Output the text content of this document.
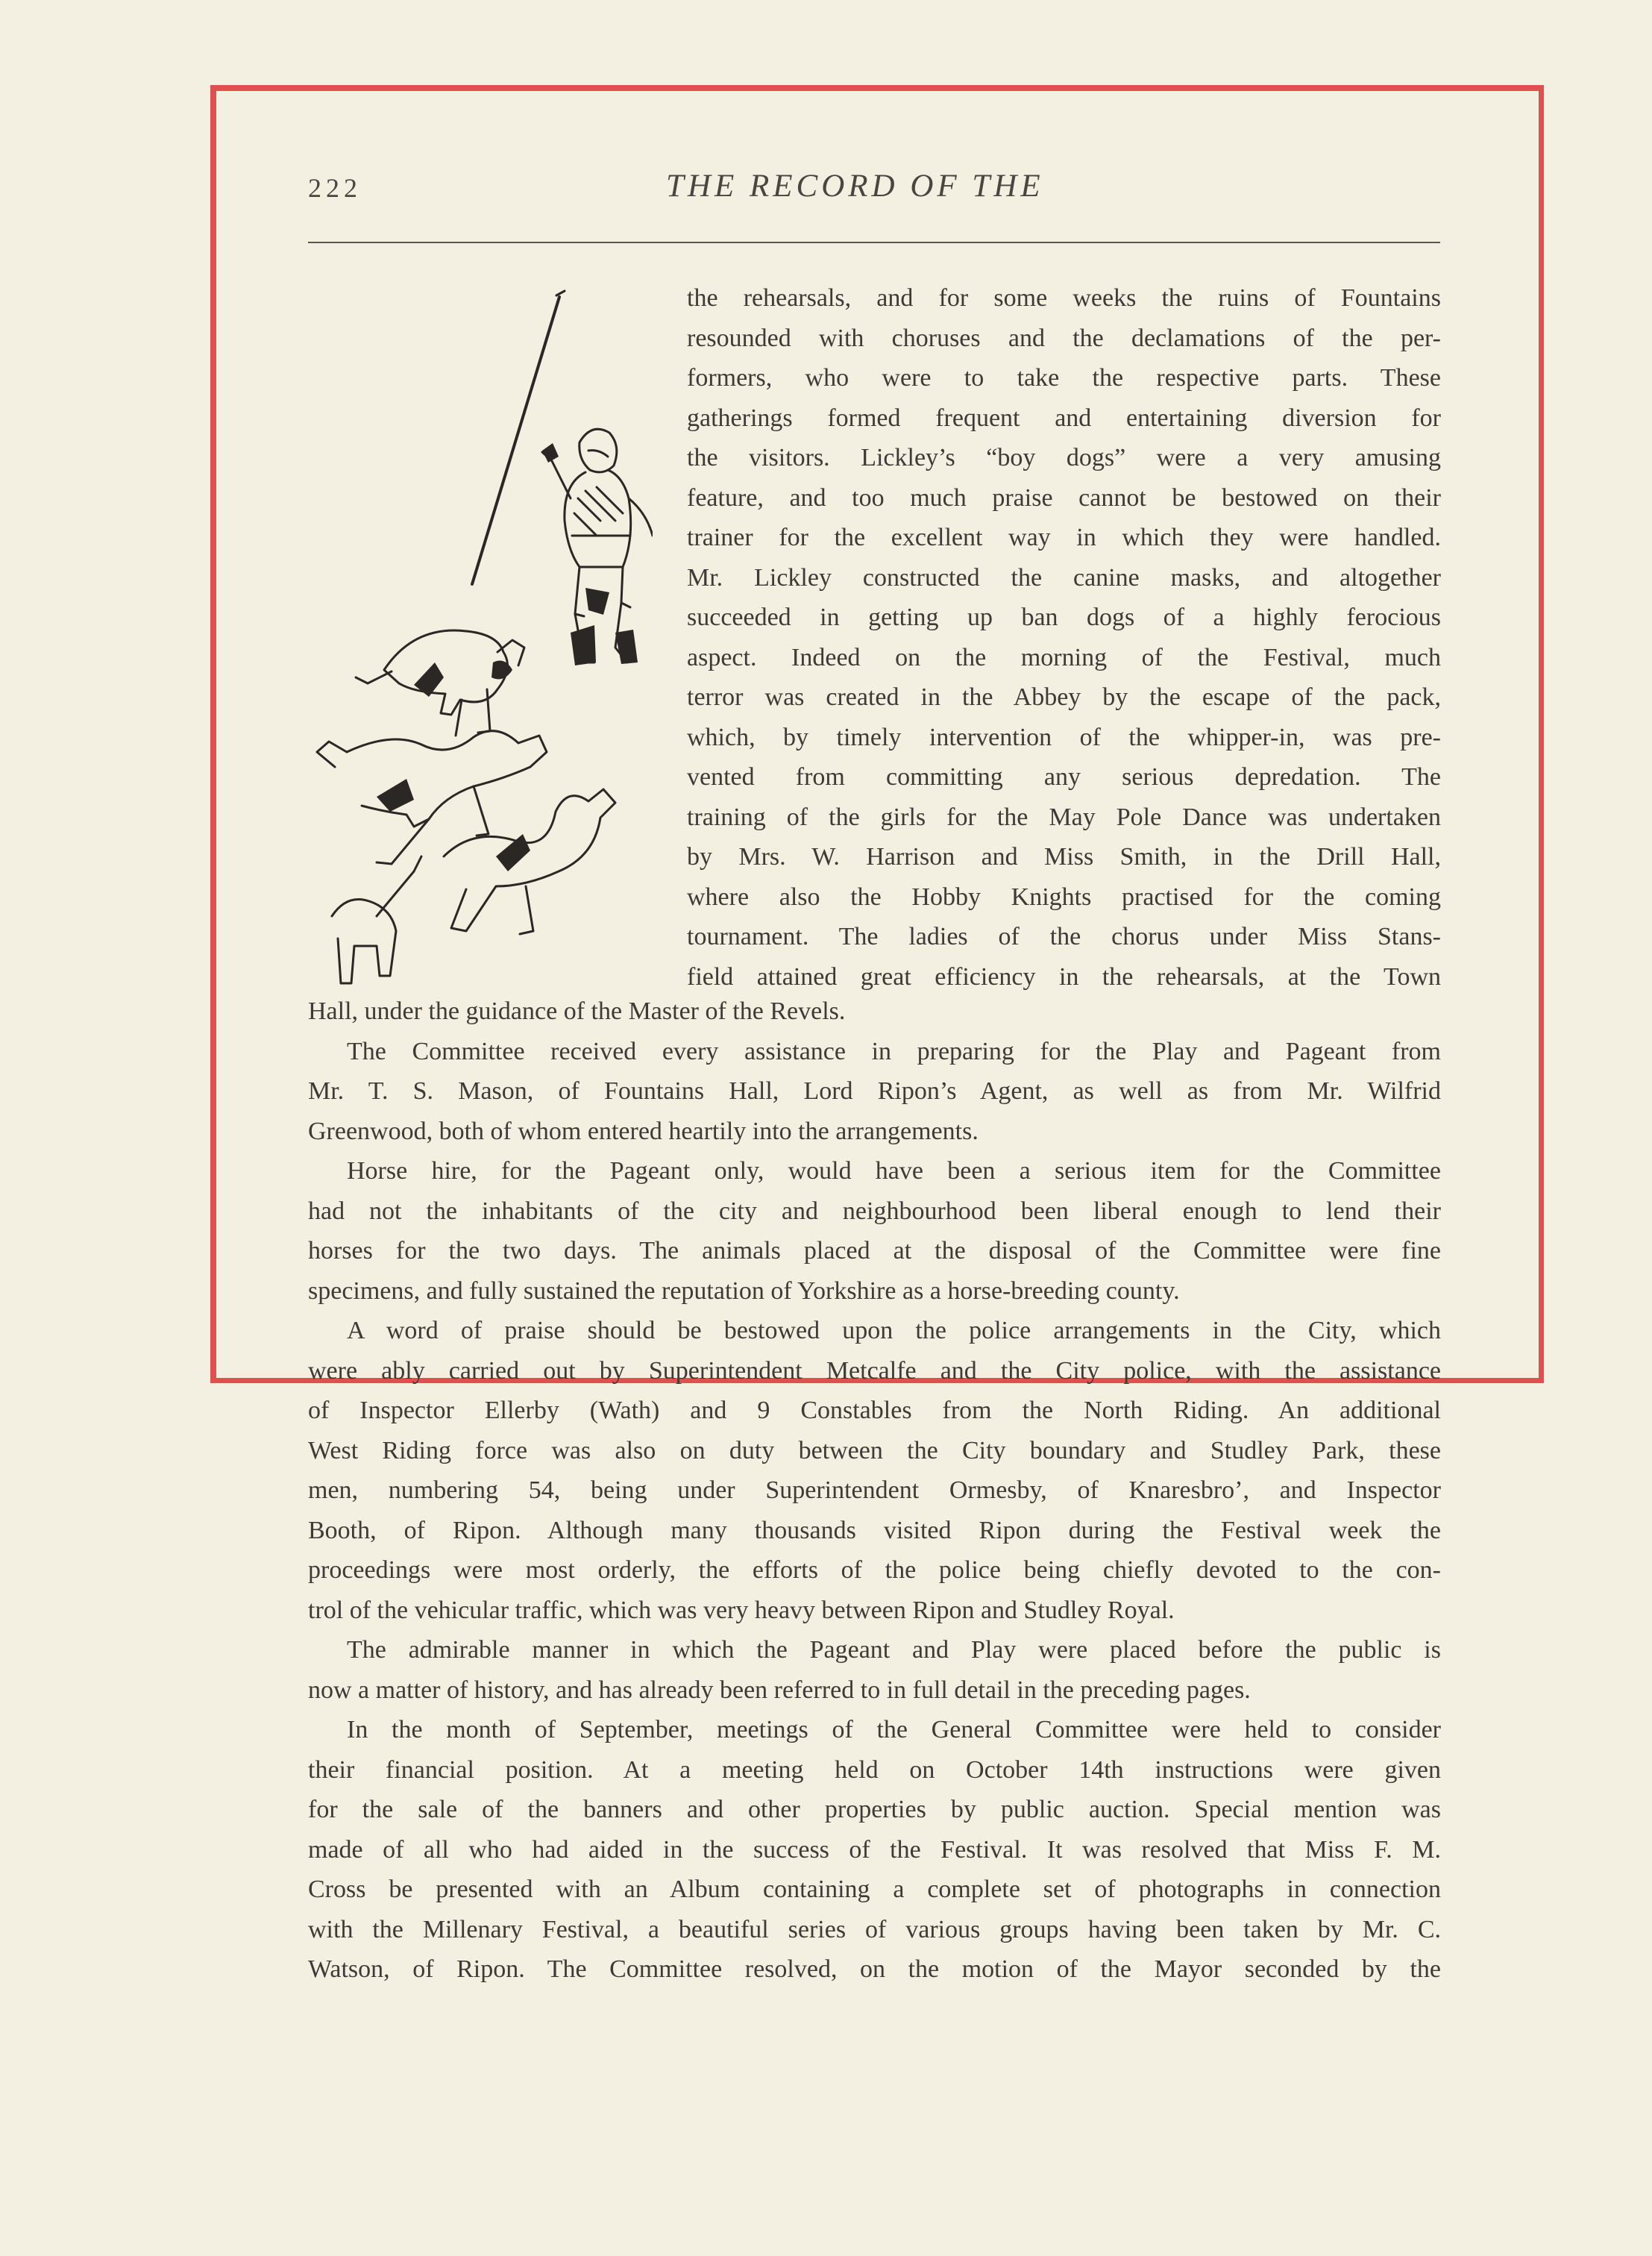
222	THE RECORD OF THE
the rehearsals, and for some weeks the ruins of Fountains
resounded with choruses and the declamations of the per-
formers, who were to take the respective parts. These
gatherings formed frequent and entertaining diversion for
the visitors. Lickley’s “boy dogs” were a very amusing
feature, and too much praise cannot be bestowed on their
trainer for the excellent way in which they were handled.
Mr. Lickley constructed the canine masks, and altogether
succeeded in getting up ban dogs of a highly ferocious
aspect. Indeed on the morning of the Festival, much
terror was created in the Abbey by the escape of the pack,
which, by timely intervention of the whipper-in, was pre-
vented from committing any serious depredation. The
training of the girls for the May Pole Dance was undertaken
by Mrs. W. Harrison and Miss Smith, in the Drill Hall,
where also the Hobby Knights practised for the coming
tournament. The ladies of the chorus under Miss Stans-
field attained great efficiency in the rehearsals, at the Town
Hall, under the guidance of the Master of the Revels.
The Committee received every assistance in preparing for the Play and Pageant from
Mr. T. S. Mason, of Fountains Hall, Lord Ripon’s Agent, as well as from Mr. Wilfrid
Greenwood, both of whom entered heartily into the arrangements.
Horse hire, for the Pageant only, would have been a serious item for the Committee
had not the inhabitants of the city and neighbourhood been liberal enough to lend their
horses for the two days. The animals placed at the disposal of the Committee were fine
specimens, and fully sustained the reputation of Yorkshire as a horse-breeding county.
A word of praise should be bestowed upon the police arrangements in the City, which
were ably carried out by Superintendent Metcalfe and the City police, with the assistance
of Inspector Ellerby (Wath) and 9 Constables from the North Riding. An additional
West Riding force was also on duty between the City boundary and Studley Park, these
men, numbering 54, being under Superintendent Ormesby, of Knaresbro’, and Inspector
Booth, of Ripon. Although many thousands visited Ripon during the Festival week the
proceedings were most orderly, the efforts of the police being chiefly devoted to the con-
trol of the vehicular traffic, which was very heavy between Ripon and Studley Royal.
The admirable manner in which the Pageant and Play were placed before the public is
now a matter of history, and has already been referred to in full detail in the preceding pages.
In the month of September, meetings of the General Committee were held to consider
their financial position. At a meeting held on October 14th instructions were given
for the sale of the banners and other properties by public auction. Special mention was
made of all who had aided in the success of the Festival. It was resolved that Miss F. M.
Cross be presented with an Album containing a complete set of photographs in connection
with the Millenary Festival, a beautiful series of various groups having been taken by Mr. C.
Watson, of Ripon. The Committee resolved, on the motion of the Mayor seconded by the
